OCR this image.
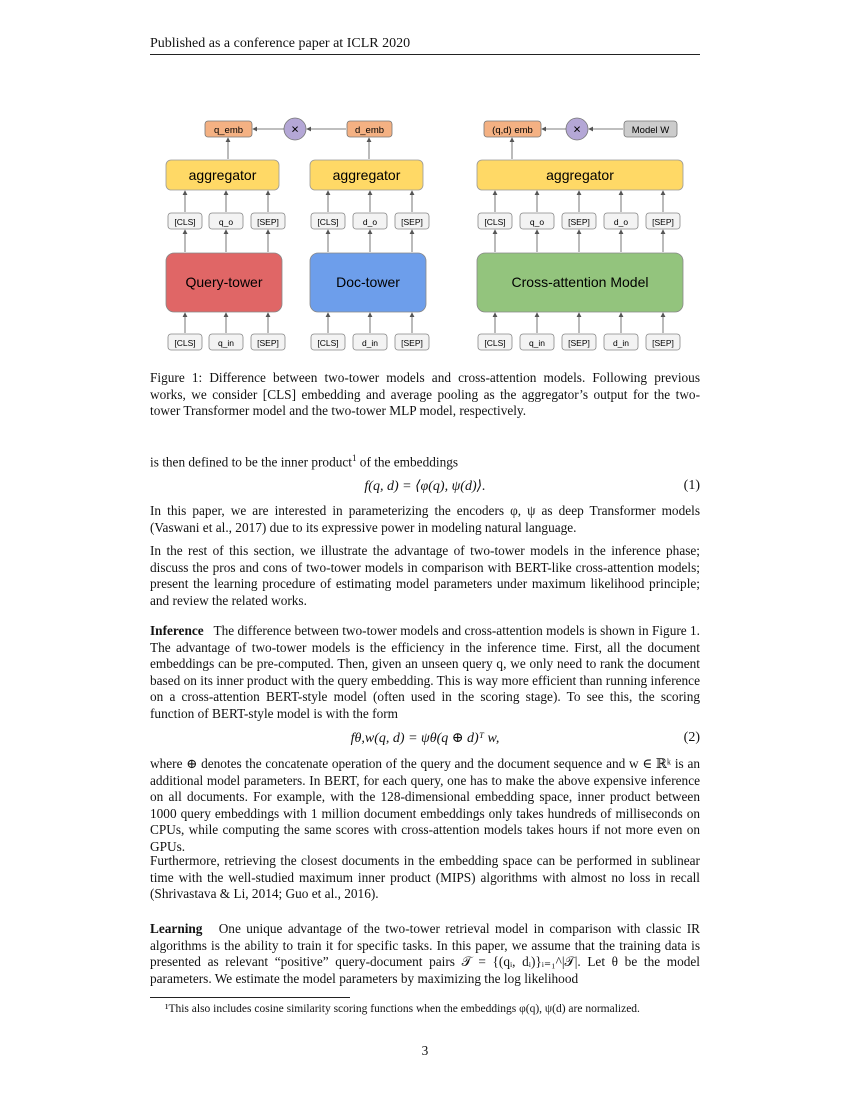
Published as a conference paper at ICLR 2020
q_emb	×	d_emb
aggregator	aggregator
[CLS]	q_o	[SEP]	[CLS]	d_o	[SEP]
Query-tower	Doc-tower
[CLS]	q_in	[SEP]	[CLS]	d_in	[SEP]
(q,d) emb	×	Model W
aggregator
[CLS]	q_o	[SEP]	d_o	[SEP]
Cross-attention Model
[CLS]	q_in	[SEP]	d_in	[SEP]
Figure 1: Difference between two-tower models and cross-attention models. Following previous works, we consider [CLS] embedding and average pooling as the aggregator’s output for the two-tower Transformer model and the two-tower MLP model, respectively.

is then defined to be the inner product$^1$ of the embeddings

f(q, d) = ⟨φ(q), ψ(d)⟩.	(1)

In this paper, we are interested in parameterizing the encoders φ, ψ as deep Transformer models (Vaswani et al., 2017) due to its expressive power in modeling natural language.

In the rest of this section, we illustrate the advantage of two-tower models in the inference phase; discuss the pros and cons of two-tower models in comparison with BERT-like cross-attention models; present the learning procedure of estimating model parameters under maximum likelihood principle; and review the related works.

Inference The difference between two-tower models and cross-attention models is shown in Figure 1. The advantage of two-tower models is the efficiency in the inference time. First, all the document embeddings can be pre-computed. Then, given an unseen query q, we only need to rank the document based on its inner product with the query embedding. This is way more efficient than running inference on a cross-attention BERT-style model (often used in the scoring stage). To see this, the scoring function of BERT-style model is with the form

fθ,w(q, d) = ψθ(q ⊕ d)ᵀ w,	(2)

where ⊕ denotes the concatenate operation of the query and the document sequence and w ∈ ℝᵏ is an additional model parameters. In BERT, for each query, one has to make the above expensive inference on all documents. For example, with the 128-dimensional embedding space, inner product between 1000 query embeddings with 1 million document embeddings only takes hundreds of milliseconds on CPUs, while computing the same scores with cross-attention models takes hours if not more even on GPUs.

Furthermore, retrieving the closest documents in the embedding space can be performed in sublinear time with the well-studied maximum inner product (MIPS) algorithms with almost no loss in recall (Shrivastava & Li, 2014; Guo et al., 2016).

Learning One unique advantage of the two-tower retrieval model in comparison with classic IR algorithms is the ability to train it for specific tasks. In this paper, we assume that the training data is presented as relevant “positive” query-document pairs 𝒯 = {(qᵢ, dᵢ)}ᵢ₌₁^|𝒯|. Let θ be the model parameters. We estimate the model parameters by maximizing the log likelihood

¹This also includes cosine similarity scoring functions when the embeddings φ(q), ψ(d) are normalized.
3
